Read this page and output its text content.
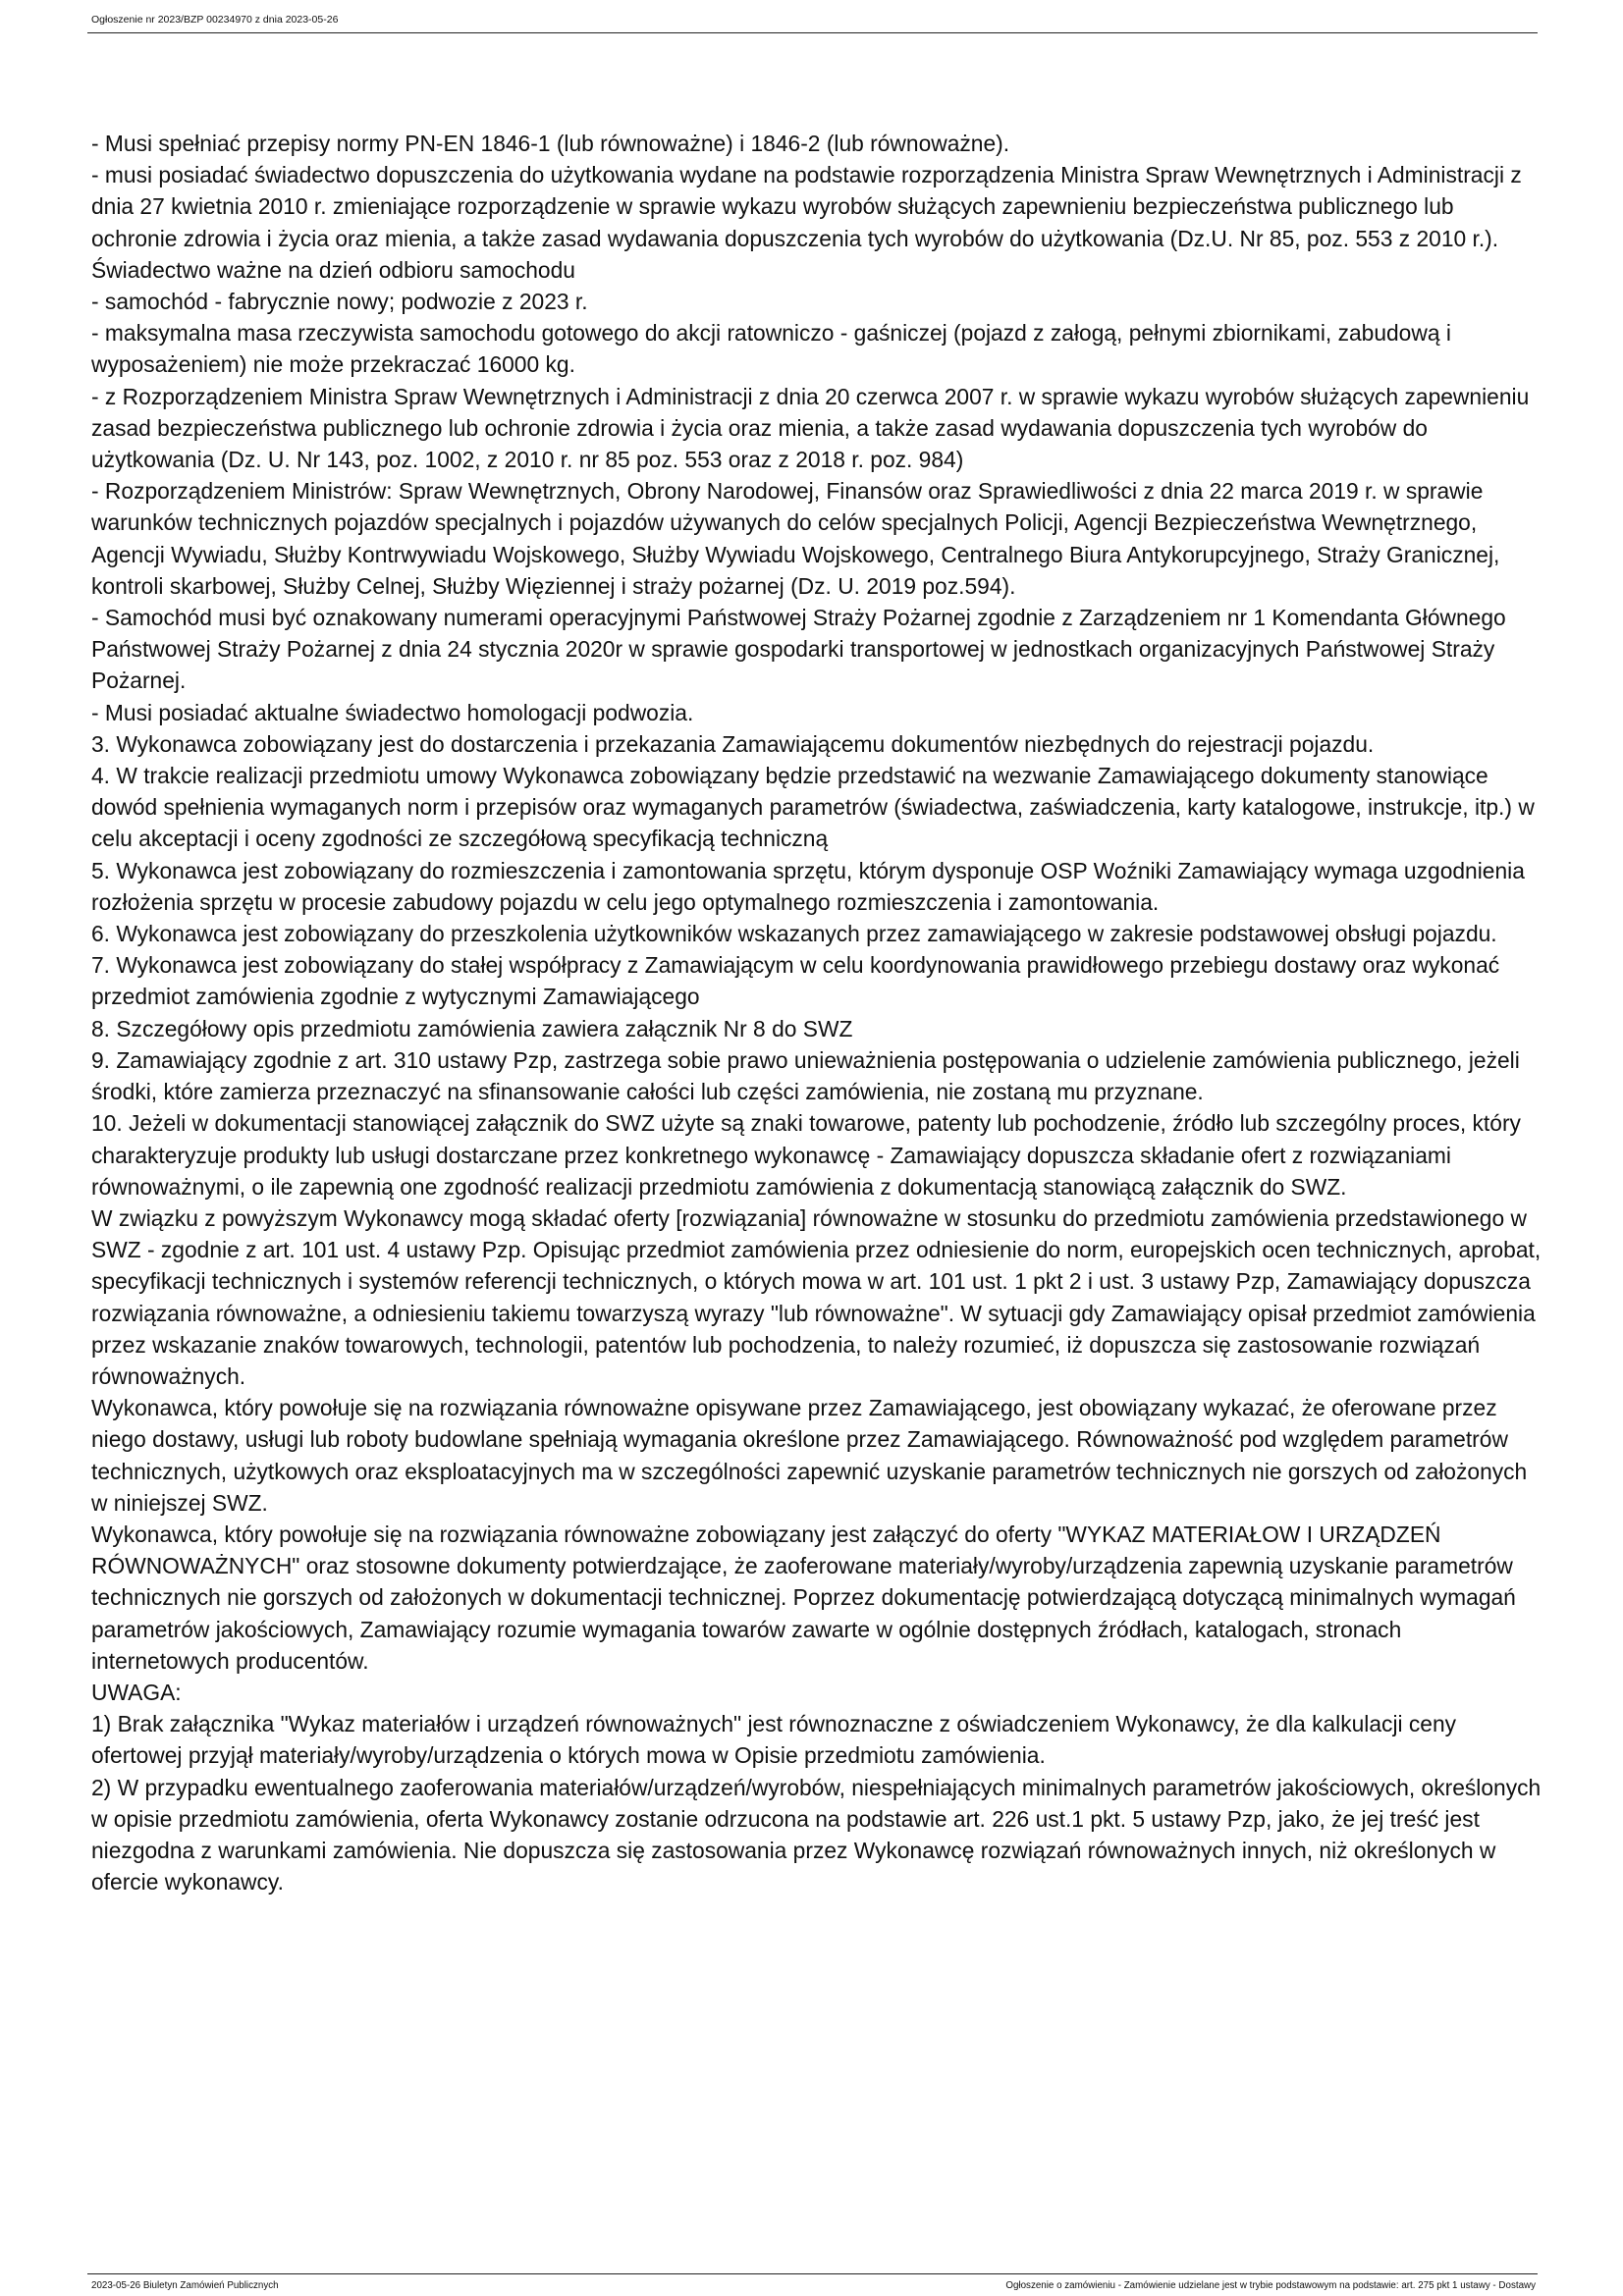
Ogłoszenie nr 2023/BZP 00234970 z dnia 2023-05-26

- Musi spełniać przepisy normy PN-EN 1846-1 (lub równoważne) i 1846-2 (lub równoważne).

- musi posiadać świadectwo dopuszczenia do użytkowania wydane na podstawie rozporządzenia Ministra Spraw Wewnętrznych i Administracji z dnia 27 kwietnia 2010 r. zmieniające rozporządzenie w sprawie wykazu wyrobów służących zapewnieniu bezpieczeństwa publicznego lub ochronie zdrowia i życia oraz mienia, a także zasad wydawania dopuszczenia tych wyrobów do użytkowania (Dz.U. Nr 85, poz. 553 z 2010 r.). Świadectwo ważne na dzień odbioru samochodu

- samochód - fabrycznie nowy; podwozie z 2023 r.

- maksymalna masa rzeczywista samochodu gotowego do akcji ratowniczo - gaśniczej (pojazd z załogą, pełnymi zbiornikami, zabudową i wyposażeniem) nie może przekraczać 16000 kg.

- z Rozporządzeniem Ministra Spraw Wewnętrznych i Administracji z dnia 20 czerwca 2007 r. w sprawie wykazu wyrobów służących zapewnieniu zasad bezpieczeństwa publicznego lub ochronie zdrowia i życia oraz mienia, a także zasad wydawania dopuszczenia tych wyrobów do użytkowania (Dz. U. Nr 143, poz. 1002, z 2010 r. nr 85 poz. 553 oraz z 2018 r. poz. 984)

- Rozporządzeniem Ministrów: Spraw Wewnętrznych, Obrony Narodowej, Finansów oraz Sprawiedliwości z dnia 22 marca 2019 r. w sprawie warunków technicznych pojazdów specjalnych i pojazdów używanych do celów specjalnych Policji, Agencji Bezpieczeństwa Wewnętrznego, Agencji Wywiadu, Służby Kontrwywiadu Wojskowego, Służby Wywiadu Wojskowego, Centralnego Biura Antykorupcyjnego, Straży Granicznej, kontroli skarbowej, Służby Celnej, Służby Więziennej i straży pożarnej (Dz. U. 2019 poz.594).

- Samochód musi być oznakowany numerami operacyjnymi Państwowej Straży Pożarnej zgodnie z Zarządzeniem nr 1 Komendanta Głównego Państwowej Straży Pożarnej z dnia 24 stycznia 2020r w sprawie gospodarki transportowej w jednostkach organizacyjnych Państwowej Straży Pożarnej.

- Musi posiadać aktualne świadectwo homologacji podwozia.

3. Wykonawca zobowiązany jest do dostarczenia i przekazania Zamawiającemu dokumentów niezbędnych do rejestracji pojazdu.

4. W trakcie realizacji przedmiotu umowy Wykonawca zobowiązany będzie przedstawić na wezwanie Zamawiającego dokumenty stanowiące dowód spełnienia wymaganych norm i przepisów oraz wymaganych parametrów (świadectwa, zaświadczenia, karty katalogowe, instrukcje, itp.) w celu akceptacji i oceny zgodności ze szczegółową specyfikacją techniczną

5. Wykonawca jest zobowiązany do rozmieszczenia i zamontowania sprzętu, którym dysponuje OSP Woźniki Zamawiający wymaga uzgodnienia rozłożenia sprzętu w procesie zabudowy pojazdu w celu jego optymalnego rozmieszczenia i zamontowania.

6. Wykonawca jest zobowiązany do przeszkolenia użytkowników wskazanych przez zamawiającego w zakresie podstawowej obsługi pojazdu.

7. Wykonawca jest zobowiązany do stałej współpracy z Zamawiającym w celu koordynowania prawidłowego przebiegu dostawy oraz wykonać przedmiot zamówienia zgodnie z wytycznymi Zamawiającego

8. Szczegółowy opis przedmiotu zamówienia zawiera załącznik Nr 8 do SWZ

9. Zamawiający zgodnie z art. 310 ustawy Pzp, zastrzega sobie prawo unieważnienia postępowania o udzielenie zamówienia publicznego, jeżeli środki, które zamierza przeznaczyć na sfinansowanie całości lub części zamówienia, nie zostaną mu przyznane.

10. Jeżeli w dokumentacji stanowiącej załącznik do SWZ użyte są znaki towarowe, patenty lub pochodzenie, źródło lub szczególny proces, który charakteryzuje produkty lub usługi dostarczane przez konkretnego wykonawcę - Zamawiający dopuszcza składanie ofert z rozwiązaniami równoważnymi, o ile zapewnią one zgodność realizacji przedmiotu zamówienia z dokumentacją stanowiącą załącznik do SWZ.

W związku z powyższym Wykonawcy mogą składać oferty [rozwiązania] równoważne w stosunku do przedmiotu zamówienia przedstawionego w SWZ - zgodnie z art. 101 ust. 4 ustawy Pzp. Opisując przedmiot zamówienia przez odniesienie do norm, europejskich ocen technicznych, aprobat, specyfikacji technicznych i systemów referencji technicznych, o których mowa w art. 101 ust. 1 pkt 2 i ust. 3 ustawy Pzp, Zamawiający dopuszcza rozwiązania równoważne, a odniesieniu takiemu towarzyszą wyrazy "lub równoważne". W sytuacji gdy Zamawiający opisał przedmiot zamówienia przez wskazanie znaków towarowych, technologii, patentów lub pochodzenia, to należy rozumieć, iż dopuszcza się zastosowanie rozwiązań równoważnych.

Wykonawca, który powołuje się na rozwiązania równoważne opisywane przez Zamawiającego, jest obowiązany wykazać, że oferowane przez niego dostawy, usługi lub roboty budowlane spełniają wymagania określone przez Zamawiającego. Równoważność pod względem parametrów technicznych, użytkowych oraz eksploatacyjnych ma w szczególności zapewnić uzyskanie parametrów technicznych nie gorszych od założonych w niniejszej SWZ.

Wykonawca, który powołuje się na rozwiązania równoważne zobowiązany jest załączyć do oferty "WYKAZ MATERIAŁOW I URZĄDZEŃ RÓWNOWAŻNYCH" oraz stosowne dokumenty potwierdzające, że zaoferowane materiały/wyroby/urządzenia zapewnią uzyskanie parametrów technicznych nie gorszych od założonych w dokumentacji technicznej. Poprzez dokumentację potwierdzającą dotyczącą minimalnych wymagań parametrów jakościowych, Zamawiający rozumie wymagania towarów zawarte w ogólnie dostępnych źródłach, katalogach, stronach internetowych producentów.

UWAGA:

1) Brak załącznika "Wykaz materiałów i urządzeń równoważnych" jest równoznaczne z oświadczeniem Wykonawcy, że dla kalkulacji ceny ofertowej przyjął materiały/wyroby/urządzenia o których mowa w Opisie przedmiotu zamówienia.

2) W przypadku ewentualnego zaoferowania materiałów/urządzeń/wyrobów, niespełniających minimalnych parametrów jakościowych, określonych w opisie przedmiotu zamówienia, oferta Wykonawcy zostanie odrzucona na podstawie art. 226 ust.1 pkt. 5 ustawy Pzp, jako, że jej treść jest niezgodna z warunkami zamówienia. Nie dopuszcza się zastosowania przez Wykonawcę rozwiązań równoważnych innych, niż określonych w ofercie wykonawcy.

2023-05-26 Biuletyn Zamówień Publicznych	Ogłoszenie o zamówieniu - Zamówienie udzielane jest w trybie podstawowym na podstawie: art. 275 pkt 1 ustawy - Dostawy
